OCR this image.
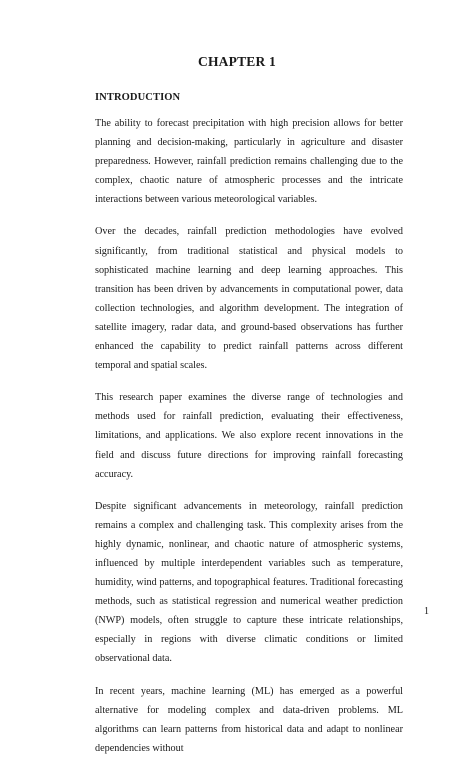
CHAPTER 1
INTRODUCTION

The ability to forecast precipitation with high precision allows for better planning and decision-making, particularly in agriculture and disaster preparedness. However, rainfall prediction remains challenging due to the complex, chaotic nature of atmospheric processes and the intricate interactions between various meteorological variables.

Over the decades, rainfall prediction methodologies have evolved significantly, from traditional statistical and physical models to sophisticated machine learning and deep learning approaches. This transition has been driven by advancements in computational power, data collection technologies, and algorithm development. The integration of satellite imagery, radar data, and ground-based observations has further enhanced the capability to predict rainfall patterns across different temporal and spatial scales.

This research paper examines the diverse range of technologies and methods used for rainfall prediction, evaluating their effectiveness, limitations, and applications. We also explore recent innovations in the field and discuss future directions for improving rainfall forecasting accuracy.

Despite significant advancements in meteorology, rainfall prediction remains a complex and challenging task. This complexity arises from the highly dynamic, nonlinear, and chaotic nature of atmospheric systems, influenced by multiple interdependent variables such as temperature, humidity, wind patterns, and topographical features. Traditional forecasting methods, such as statistical regression and numerical weather prediction (NWP) models, often struggle to capture these intricate relationships, especially in regions with diverse climatic conditions or limited observational data.

In recent years, machine learning (ML) has emerged as a powerful alternative for modeling complex and data-driven problems. ML algorithms can learn patterns from historical data and adapt to nonlinear dependencies without

1
